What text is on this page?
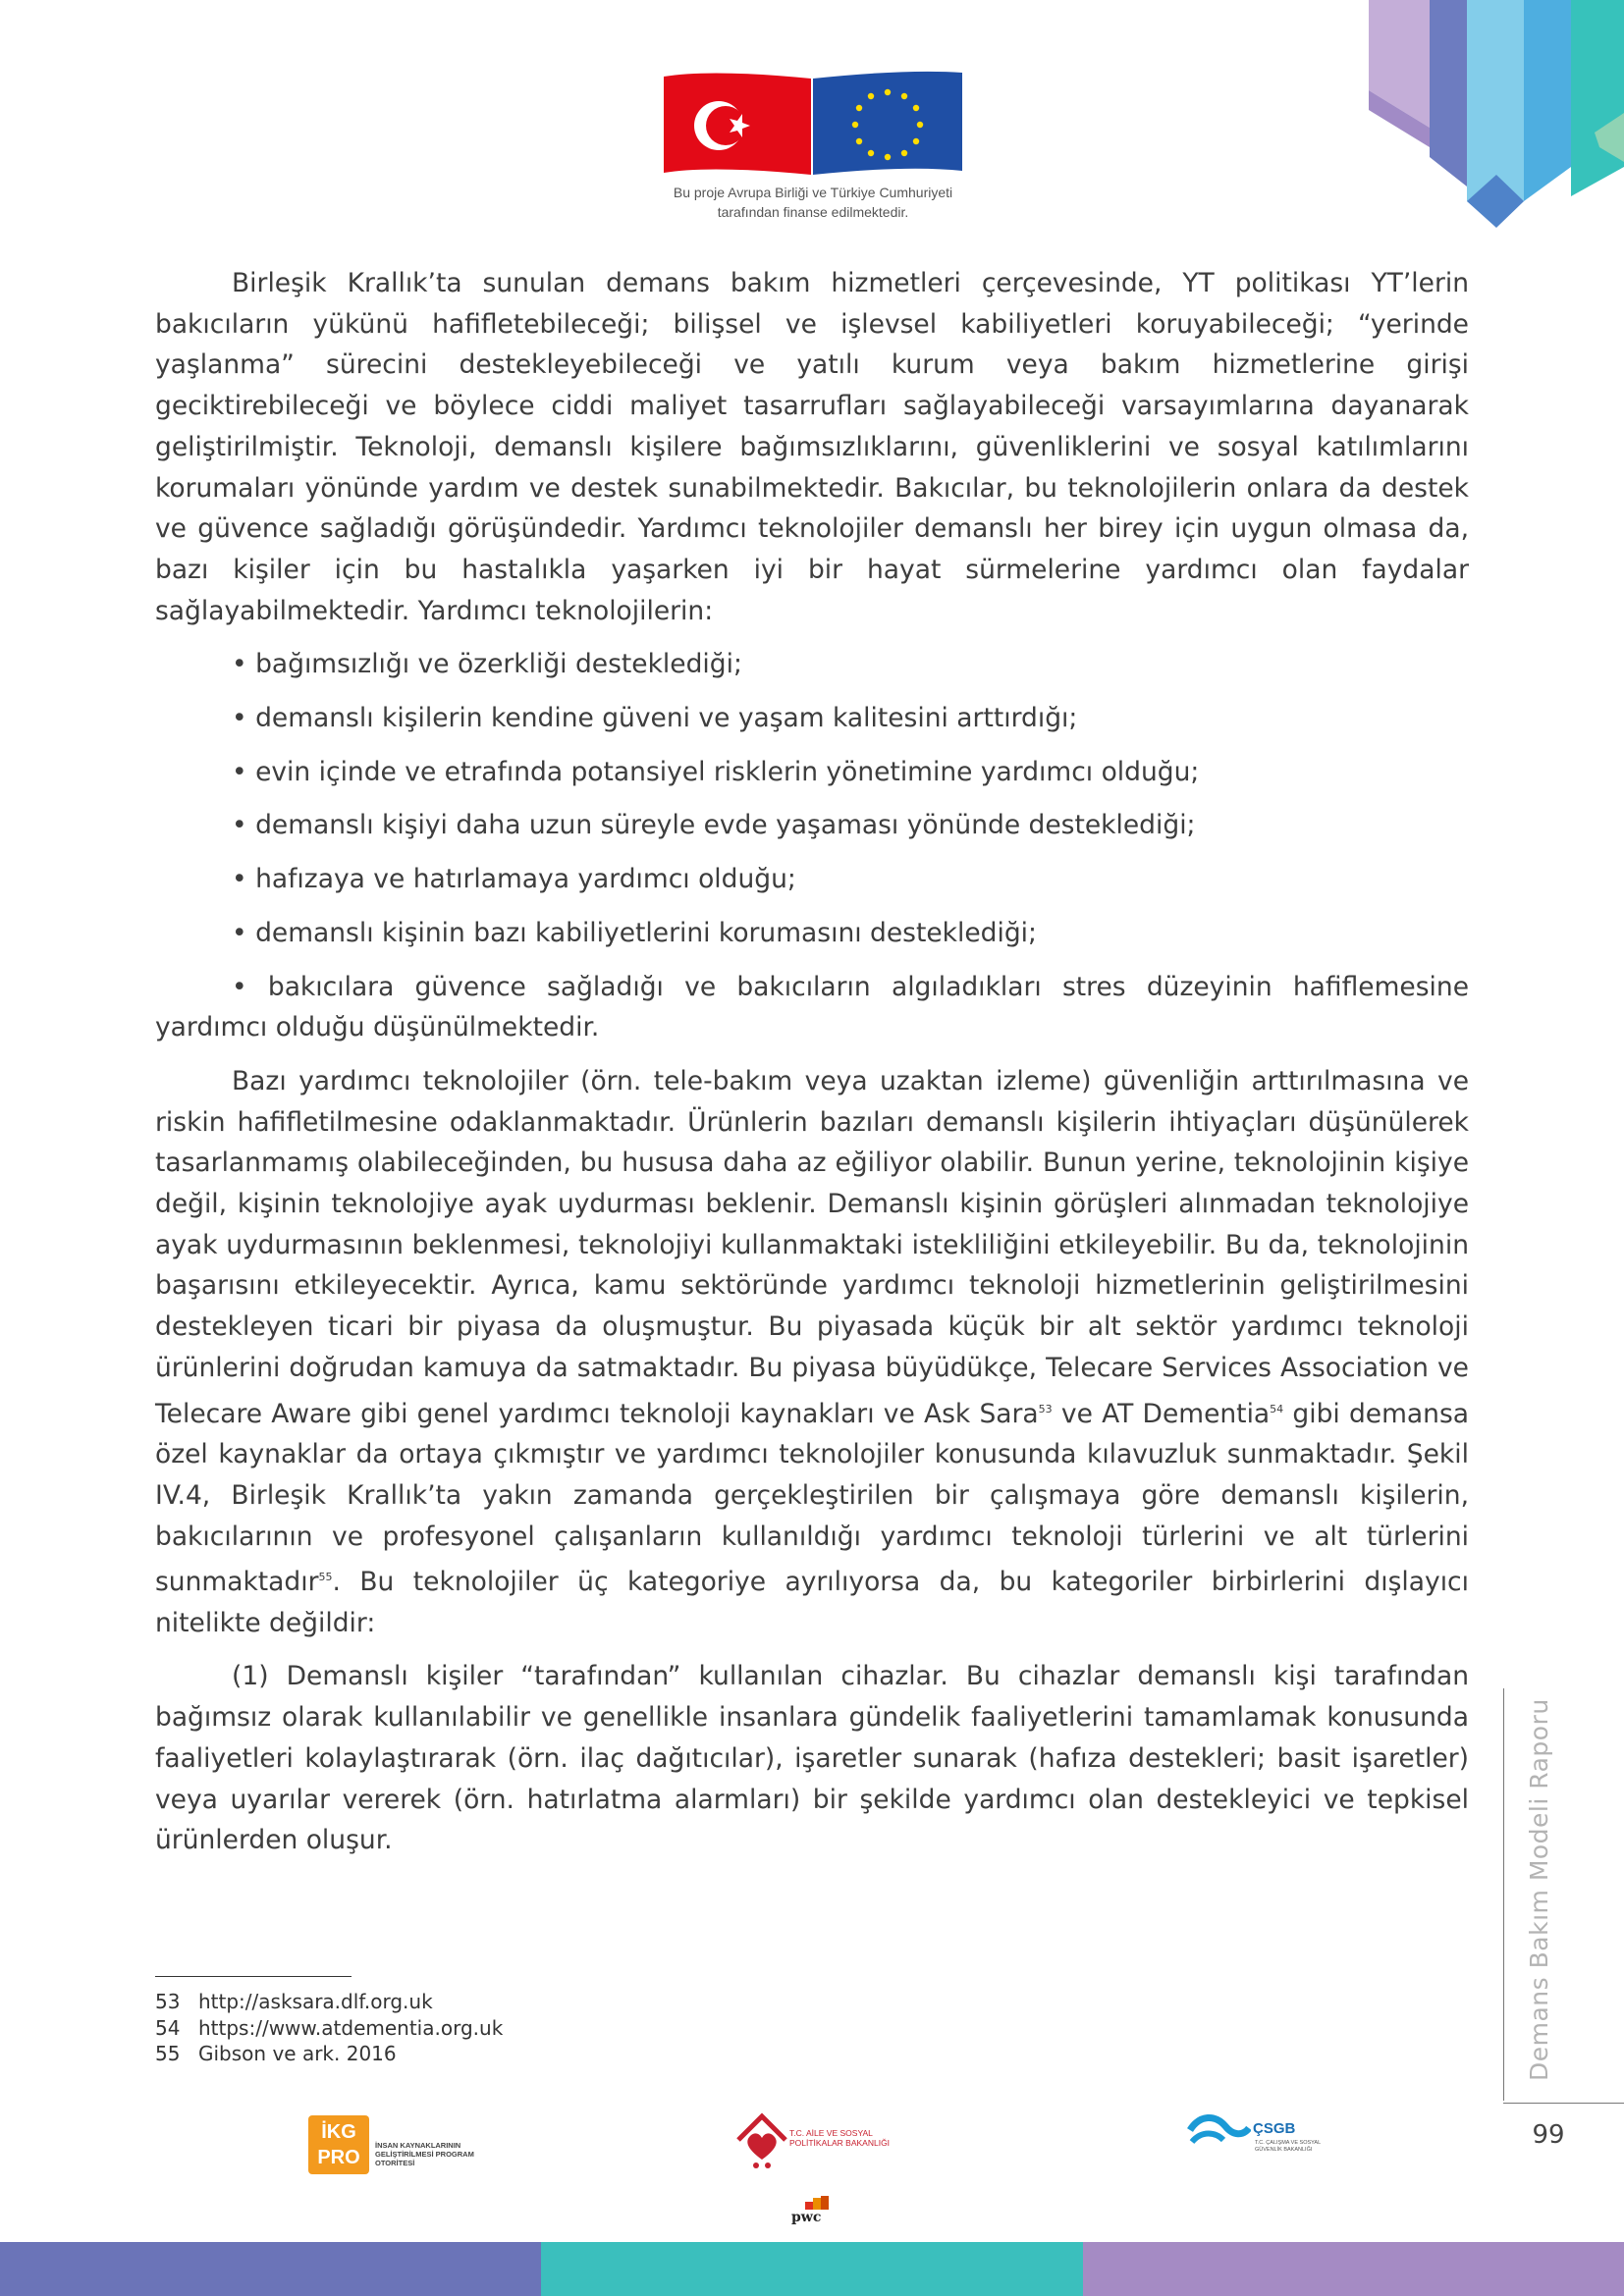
Bu proje Avrupa Birliği ve Türkiye Cumhuriyeti
tarafından finanse edilmektedir.

Birleşik Krallık’ta sunulan demans bakım hizmetleri çerçevesinde, YT politikası YT’lerin bakıcıların yükünü hafifletebileceği; bilişsel ve işlevsel kabiliyetleri koruyabileceği; “yerinde yaşlanma” sürecini destekleyebileceği ve yatılı kurum veya bakım hizmetlerine girişi geciktirebileceği ve böylece ciddi maliyet tasarrufları sağlayabileceği varsayımlarına dayanarak geliştirilmiştir. Teknoloji, demanslı kişilere bağımsızlıklarını, güvenliklerini ve sosyal katılımlarını korumaları yönünde yardım ve destek sunabilmektedir. Bakıcılar, bu teknolojilerin onlara da destek ve güvence sağladığı görüşündedir. Yardımcı teknolojiler demanslı her birey için uygun olmasa da, bazı kişiler için bu hastalıkla yaşarken iyi bir hayat sürmelerine yardımcı olan faydalar sağlayabilmektedir. Yardımcı teknolojilerin:

• bağımsızlığı ve özerkliği desteklediği;
• demanslı kişilerin kendine güveni ve yaşam kalitesini arttırdığı;
• evin içinde ve etrafında potansiyel risklerin yönetimine yardımcı olduğu;
• demanslı kişiyi daha uzun süreyle evde yaşaması yönünde desteklediği;
• hafızaya ve hatırlamaya yardımcı olduğu;
• demanslı kişinin bazı kabiliyetlerini korumasını desteklediği;
• bakıcılara güvence sağladığı ve bakıcıların algıladıkları stres düzeyinin hafiflemesine yardımcı olduğu düşünülmektedir.

Bazı yardımcı teknolojiler (örn. tele-bakım veya uzaktan izleme) güvenliğin arttırılmasına ve riskin hafifletilmesine odaklanmaktadır. Ürünlerin bazıları demanslı kişilerin ihtiyaçları düşünülerek tasarlanmamış olabileceğinden, bu hususa daha az eğiliyor olabilir. Bunun yerine, teknolojinin kişiye değil, kişinin teknolojiye ayak uydurması beklenir. Demanslı kişinin görüşleri alınmadan teknolojiye ayak uydurmasının beklenmesi, teknolojiyi kullanmaktaki istekliliğini etkileyebilir. Bu da, teknolojinin başarısını etkileyecektir. Ayrıca, kamu sektöründe yardımcı teknoloji hizmetlerinin geliştirilmesini destekleyen ticari bir piyasa da oluşmuştur. Bu piyasada küçük bir alt sektör yardımcı teknoloji ürünlerini doğrudan kamuya da satmaktadır. Bu piyasa büyüdükçe, Telecare Services Association ve Telecare Aware gibi genel yardımcı teknoloji kaynakları ve Ask Sara$^{53}$ ve AT Dementia$^{54}$ gibi demansa özel kaynaklar da ortaya çıkmıştır ve yardımcı teknolojiler konusunda kılavuzluk sunmaktadır. Şekil IV.4, Birleşik Krallık’ta yakın zamanda gerçekleştirilen bir çalışmaya göre demanslı kişilerin, bakıcılarının ve profesyonel çalışanların kullanıldığı yardımcı teknoloji türlerini ve alt türlerini sunmaktadır$^{55}$. Bu teknolojiler üç kategoriye ayrılıyorsa da, bu kategoriler birbirlerini dışlayıcı nitelikte değildir:

(1) Demanslı kişiler “tarafından” kullanılan cihazlar. Bu cihazlar demanslı kişi tarafından bağımsız olarak kullanılabilir ve genellikle insanlara gündelik faaliyetlerini tamamlamak konusunda faaliyetleri kolaylaştırarak (örn. ilaç dağıtıcılar), işaretler sunarak (hafıza destekleri; basit işaretler) veya uyarılar vererek (örn. hatırlatma alarmları) bir şekilde yardımcı olan destekleyici ve tepkisel ürünlerden oluşur.

53 http://asksara.dlf.org.uk
54 https://www.atdementia.org.uk
55 Gibson ve ark. 2016	Demans Bakım Modeli Raporu
99
İKG PRO
İNSAN KAYNAKLARININ GELİŞTİRİLMESİ PROGRAM OTORİTESİ
T.C. AİLE VE SOSYAL POLİTİKALAR BAKANLIĞI
ÇSGB
T.C. ÇALIŞMA VE SOSYAL GÜVENLİK BAKANLIĞI
pwc
